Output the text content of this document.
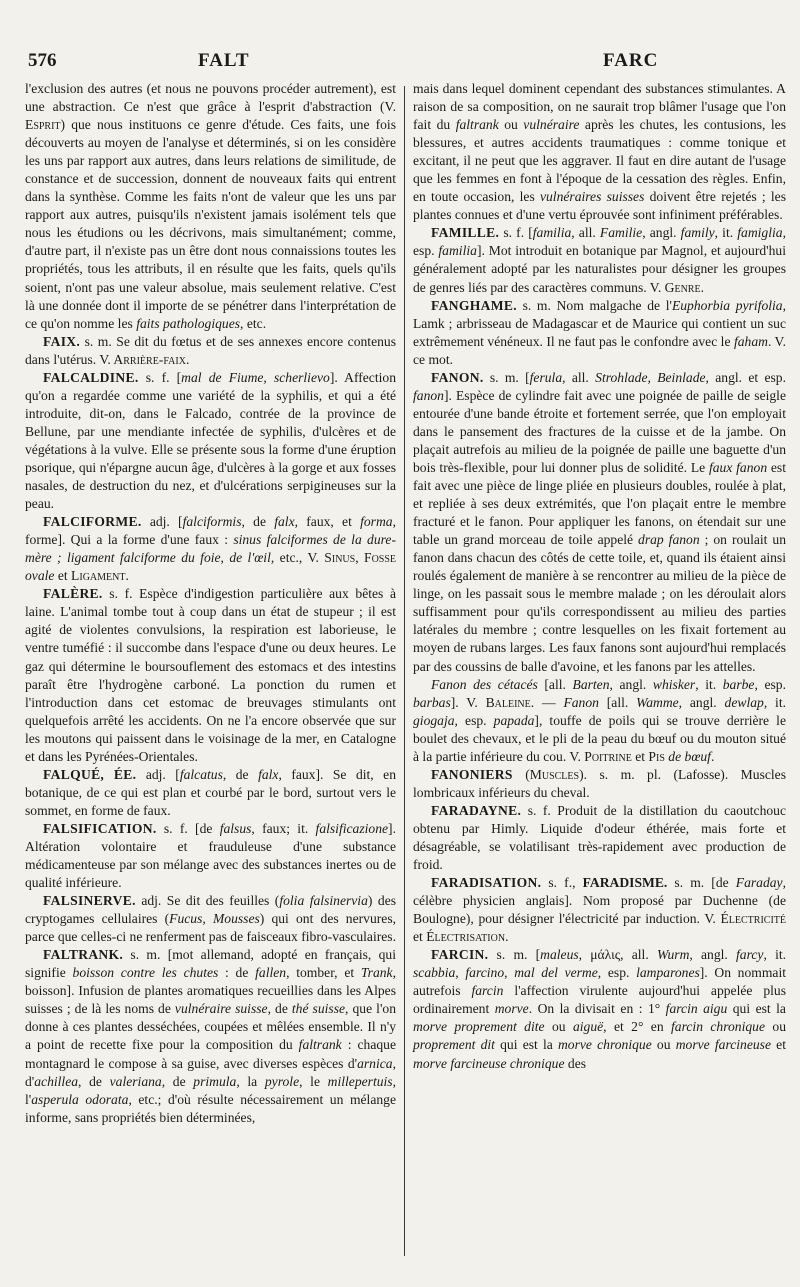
576	FALT	FARC

l'exclusion des autres (et nous ne pouvons procéder autrement), est une abstraction. Ce n'est que grâce à l'esprit d'abstraction (V. Esprit) que nous instituons ce genre d'étude. Ces faits, une fois découverts au moyen de l'analyse et déterminés, si on les considère les uns par rapport aux autres, dans leurs relations de similitude, de constance et de succession, donnent de nouveaux faits qui entrent dans la synthèse. Comme les faits n'ont de valeur que les uns par rapport aux autres, puisqu'ils n'existent jamais isolément tels que nous les étudions ou les décrivons, mais simultanément; comme, d'autre part, il n'existe pas un être dont nous connaissions toutes les propriétés, tous les attributs, il en résulte que les faits, quels qu'ils soient, n'ont pas une valeur absolue, mais seulement relative. C'est là une donnée dont il importe de se pénétrer dans l'interprétation de ce qu'on nomme les faits pathologiques, etc.

FAIX. s. m. Se dit du fœtus et de ses annexes encore contenus dans l'utérus. V. Arrière-faix.

FALCALDINE. s. f. [mal de Fiume, scherlievo]. Affection qu'on a regardée comme une variété de la syphilis, et qui a été introduite, dit-on, dans le Falcado, contrée de la province de Bellune, par une mendiante infectée de syphilis, d'ulcères et de végétations à la vulve. Elle se présente sous la forme d'une éruption psorique, qui n'épargne aucun âge, d'ulcères à la gorge et aux fosses nasales, de destruction du nez, et d'ulcérations serpigineuses sur la peau.

FALCIFORME. adj. [falciformis, de falx, faux, et forma, forme]. Qui a la forme d'une faux : sinus falciformes de la dure-mère ; ligament falciforme du foie, de l'œil, etc., V. Sinus, Fosse ovale et Ligament.

FALÈRE. s. f. Espèce d'indigestion particulière aux bêtes à laine. L'animal tombe tout à coup dans un état de stupeur ; il est agité de violentes convulsions, la respiration est laborieuse, le ventre tuméfié : il succombe dans l'espace d'une ou deux heures. Le gaz qui détermine le boursouflement des estomacs et des intestins paraît être l'hydrogène carboné. La ponction du rumen et l'introduction dans cet estomac de breuvages stimulants ont quelquefois arrêté les accidents. On ne l'a encore observée que sur les moutons qui paissent dans le voisinage de la mer, en Catalogne et dans les Pyrénées-Orientales.

FALQUÉ, ÉE. adj. [falcatus, de falx, faux]. Se dit, en botanique, de ce qui est plan et courbé par le bord, surtout vers le sommet, en forme de faux.

FALSIFICATION. s. f. [de falsus, faux; it. falsificazione]. Altération volontaire et frauduleuse d'une substance médicamenteuse par son mélange avec des substances inertes ou de qualité inférieure.

FALSINERVE. adj. Se dit des feuilles (folia falsinervia) des cryptogames cellulaires (Fucus, Mousses) qui ont des nervures, parce que celles-ci ne renferment pas de faisceaux fibro-vasculaires.

FALTRANK. s. m. [mot allemand, adopté en français, qui signifie boisson contre les chutes : de fallen, tomber, et Trank, boisson]. Infusion de plantes aromatiques recueillies dans les Alpes suisses ; de là les noms de vulnéraire suisse, de thé suisse, que l'on donne à ces plantes desséchées, coupées et mêlées ensemble. Il n'y a point de recette fixe pour la composition du faltrank : chaque montagnard le compose à sa guise, avec diverses espèces d'arnica, d'achillea, de valeriana, de primula, la pyrole, le millepertuis, l'asperula odorata, etc.; d'où résulte nécessairement un mélange informe, sans propriétés bien déterminées,

mais dans lequel dominent cependant des substances stimulantes. A raison de sa composition, on ne saurait trop blâmer l'usage que l'on fait du faltrank ou vulnéraire après les chutes, les contusions, les blessures, et autres accidents traumatiques : comme tonique et excitant, il ne peut que les aggraver. Il faut en dire autant de l'usage que les femmes en font à l'époque de la cessation des règles. Enfin, en toute occasion, les vulnéraires suisses doivent être rejetés ; les plantes connues et d'une vertu éprouvée sont infiniment préférables.

FAMILLE. s. f. [familia, all. Familie, angl. family, it. famiglia, esp. familia]. Mot introduit en botanique par Magnol, et aujourd'hui généralement adopté par les naturalistes pour désigner les groupes de genres liés par des caractères communs. V. Genre.

FANGHAME. s. m. Nom malgache de l'Euphorbia pyrifolia, Lamk ; arbrisseau de Madagascar et de Maurice qui contient un suc extrêmement vénéneux. Il ne faut pas le confondre avec le faham. V. ce mot.

FANON. s. m. [ferula, all. Strohlade, Beinlade, angl. et esp. fanon]. Espèce de cylindre fait avec une poignée de paille de seigle entourée d'une bande étroite et fortement serrée, que l'on employait dans le pansement des fractures de la cuisse et de la jambe. On plaçait autrefois au milieu de la poignée de paille une baguette d'un bois très-flexible, pour lui donner plus de solidité. Le faux fanon est fait avec une pièce de linge pliée en plusieurs doubles, roulée à plat, et repliée à ses deux extrémités, que l'on plaçait entre le membre fracturé et le fanon. Pour appliquer les fanons, on étendait sur une table un grand morceau de toile appelé drap fanon ; on roulait un fanon dans chacun des côtés de cette toile, et, quand ils étaient ainsi roulés également de manière à se rencontrer au milieu de la pièce de linge, on les passait sous le membre malade ; on les déroulait alors suffisamment pour qu'ils correspondissent au milieu des parties latérales du membre ; contre lesquelles on les fixait fortement au moyen de rubans larges. Les faux fanons sont aujourd'hui remplacés par des coussins de balle d'avoine, et les fanons par les attelles.

Fanon des cétacés [all. Barten, angl. whisker, it. barbe, esp. barbas]. V. Baleine. — Fanon [all. Wamme, angl. dewlap, it. giogaja, esp. papada], touffe de poils qui se trouve derrière le boulet des chevaux, et le pli de la peau du bœuf ou du mouton situé à la partie inférieure du cou. V. Poitrine et Pis de bœuf.

FANONIERS (Muscles). s. m. pl. (Lafosse). Muscles lombricaux inférieurs du cheval.

FARADAYNE. s. f. Produit de la distillation du caoutchouc obtenu par Himly. Liquide d'odeur éthérée, mais forte et désagréable, se volatilisant très-rapidement avec production de froid.

FARADISATION. s. f., FARADISME. s. m. [de Faraday, célèbre physicien anglais]. Nom proposé par Duchenne (de Boulogne), pour désigner l'électricité par induction. V. Électricité et Électrisation.

FARCIN. s. m. [maleus, μάλις, all. Wurm, angl. farcy, it. scabbia, farcino, mal del verme, esp. lamparones]. On nommait autrefois farcin l'affection virulente aujourd'hui appelée plus ordinairement morve. On la divisait en : 1° farcin aigu qui est la morve proprement dite ou aiguë, et 2° en farcin chronique ou proprement dit qui est la morve chronique ou morve farcineuse et morve farcineuse chronique des
